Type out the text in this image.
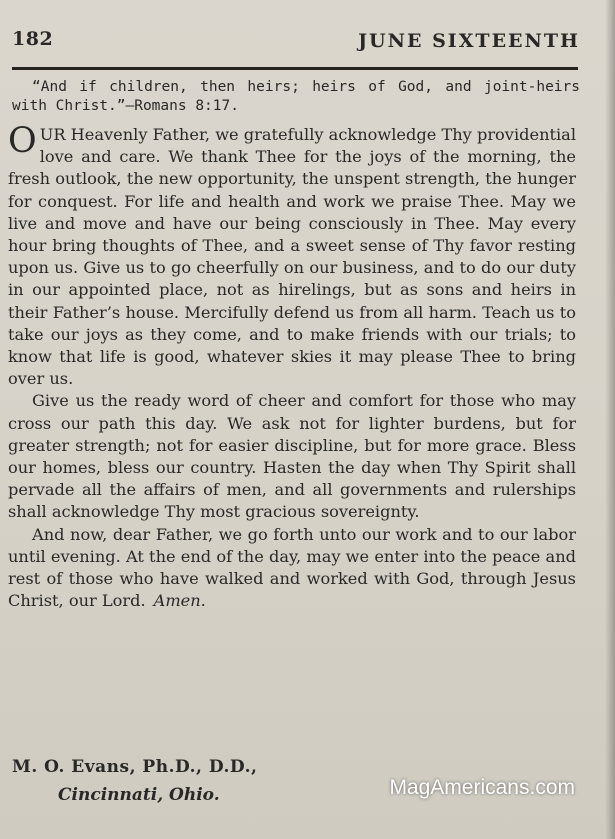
182	JUNE SIXTEENTH
“And if children, then heirs; heirs of God, and joint-heirs with Christ.”—Romans 8:17.

OUR Heavenly Father, we gratefully acknowledge Thy providential love and care. We thank Thee for the joys of the morning, the fresh outlook, the new opportunity, the unspent strength, the hunger for conquest. For life and health and work we praise Thee. May we live and move and have our being consciously in Thee. May every hour bring thoughts of Thee, and a sweet sense of Thy favor resting upon us. Give us to go cheerfully on our business, and to do our duty in our appointed place, not as hirelings, but as sons and heirs in their Father’s house. Mercifully defend us from all harm. Teach us to take our joys as they come, and to make friends with our trials; to know that life is good, whatever skies it may please Thee to bring over us.

Give us the ready word of cheer and comfort for those who may cross our path this day. We ask not for lighter burdens, but for greater strength; not for easier discipline, but for more grace. Bless our homes, bless our country. Hasten the day when Thy Spirit shall pervade all the affairs of men, and all governments and rulerships shall acknowledge Thy most gracious sovereignty.

And now, dear Father, we go forth unto our work and to our labor until evening. At the end of the day, may we enter into the peace and rest of those who have walked and worked with God, through Jesus Christ, our Lord. Amen.

M. O. Evans, Ph.D., D.D.,
Cincinnati, Ohio.	MagAmericans.com
